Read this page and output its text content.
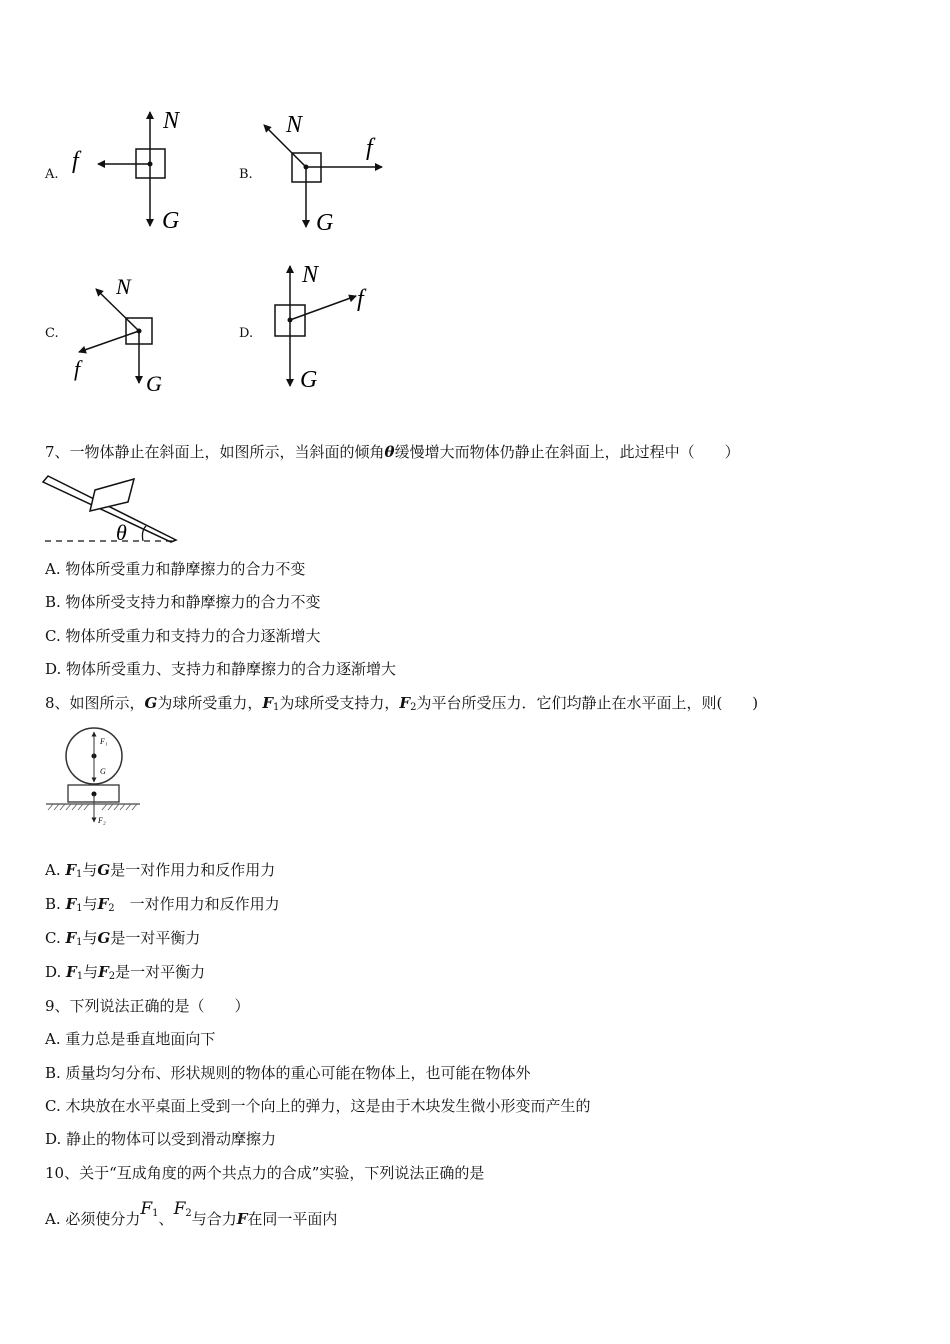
A.	B.
C.	D.
N
f
G
N
f
G
N
f
G
N
f
G
7、一物体静止在斜面上，如图所示，当斜面的倾角θ缓慢增大而物体仍静止在斜面上，此过程中（　　）
θ
A. 物体所受重力和静摩擦力的合力不变
B. 物体所受支持力和静摩擦力的合力不变
C. 物体所受重力和支持力的合力逐渐增大
D. 物体所受重力、支持力和静摩擦力的合力逐渐增大
8、如图所示，G为球所受重力，$F_1$为球所受支持力，$F_2$为平台所受压力．它们均静止在水平面上，则(　　)
F₁
G
F₂
A. $F_1$与G是一对作用力和反作用力
B. $F_1$与$F_2$　一对作用力和反作用力
C. $F_1$与G是一对平衡力
D. $F_1$与$F_2$是一对平衡力
9、下列说法正确的是（　　）
A. 重力总是垂直地面向下
B. 质量均匀分布、形状规则的物体的重心可能在物体上，也可能在物体外
C. 木块放在水平桌面上受到一个向上的弹力，这是由于木块发生微小形变而产生的
D. 静止的物体可以受到滑动摩擦力
10、关于“互成角度的两个共点力的合成”实验，下列说法正确的是
A. 必须使分力$F_1$、$F_2$与合力F在同一平面内
